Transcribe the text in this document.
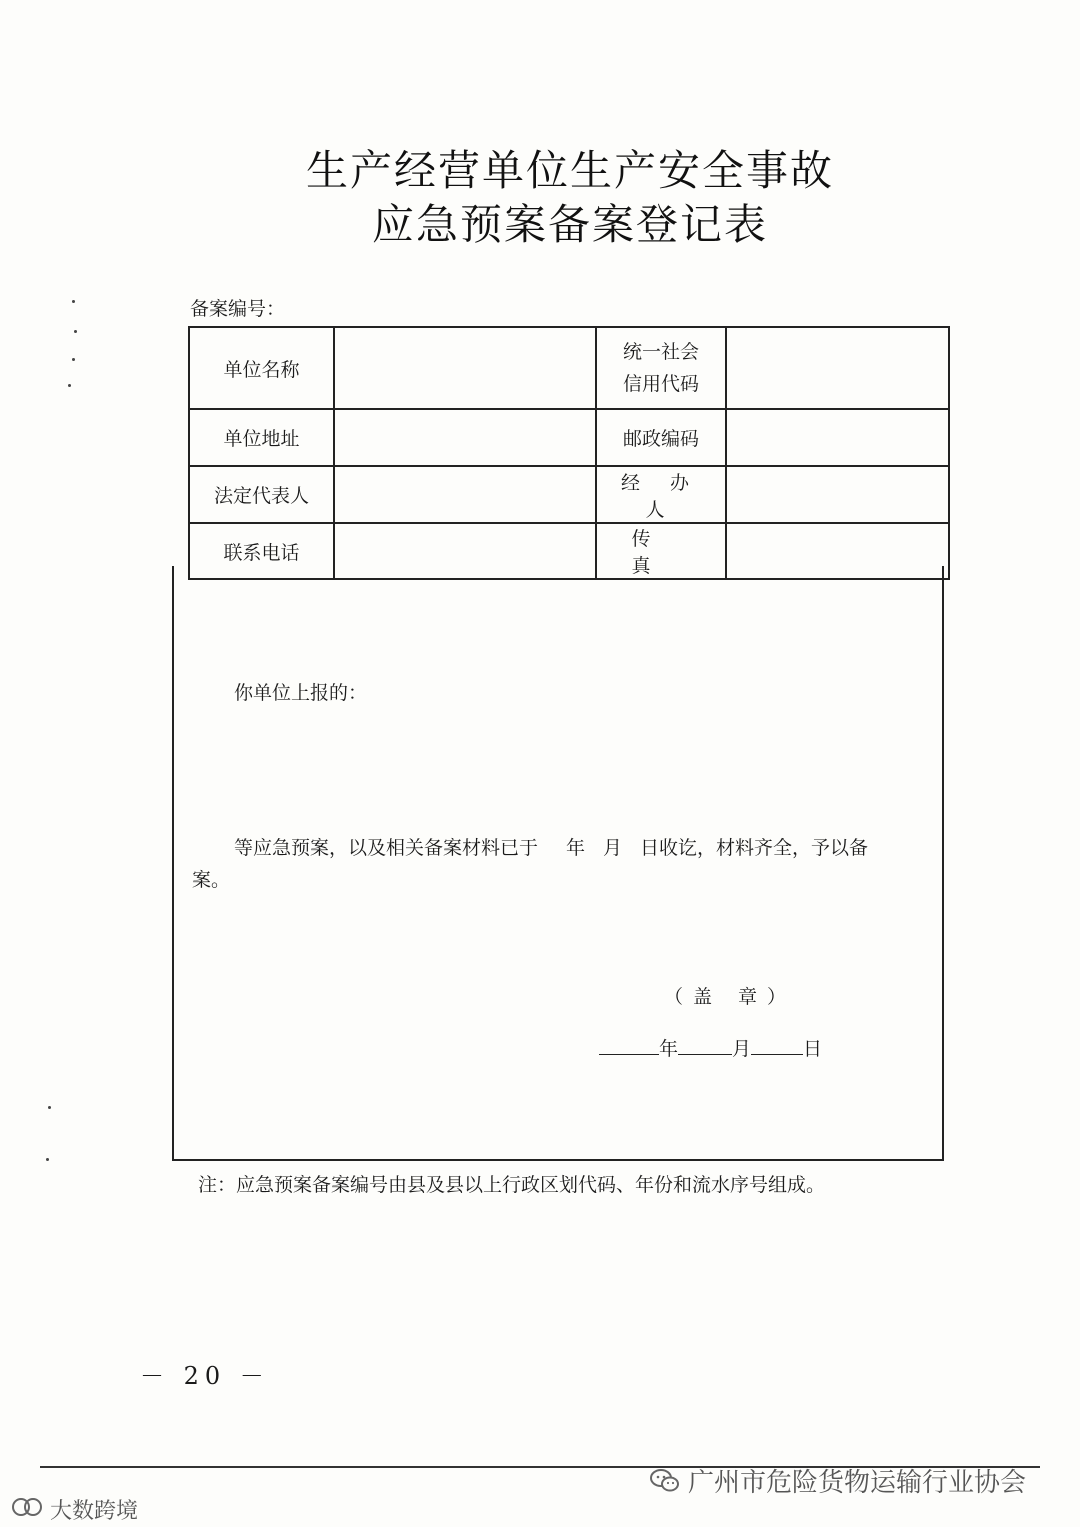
生产经营单位生产安全事故
应急预案备案登记表
备案编号：
单位名称		统一社会
信用代码	

单位地址		邮政编码	
法定代表人		经 办 人	
联系电话		传 真	
你单位上报的：
等应急预案，以及相关备案材料已于 年 月 日收讫，材料齐全，予以备
案。
（盖 章）
年	月	日
注：应急预案备案编号由县及县以上行政区划代码、年份和流水序号组成。
－ 20 －
广州市危险货物运输行业协会
大数跨境
